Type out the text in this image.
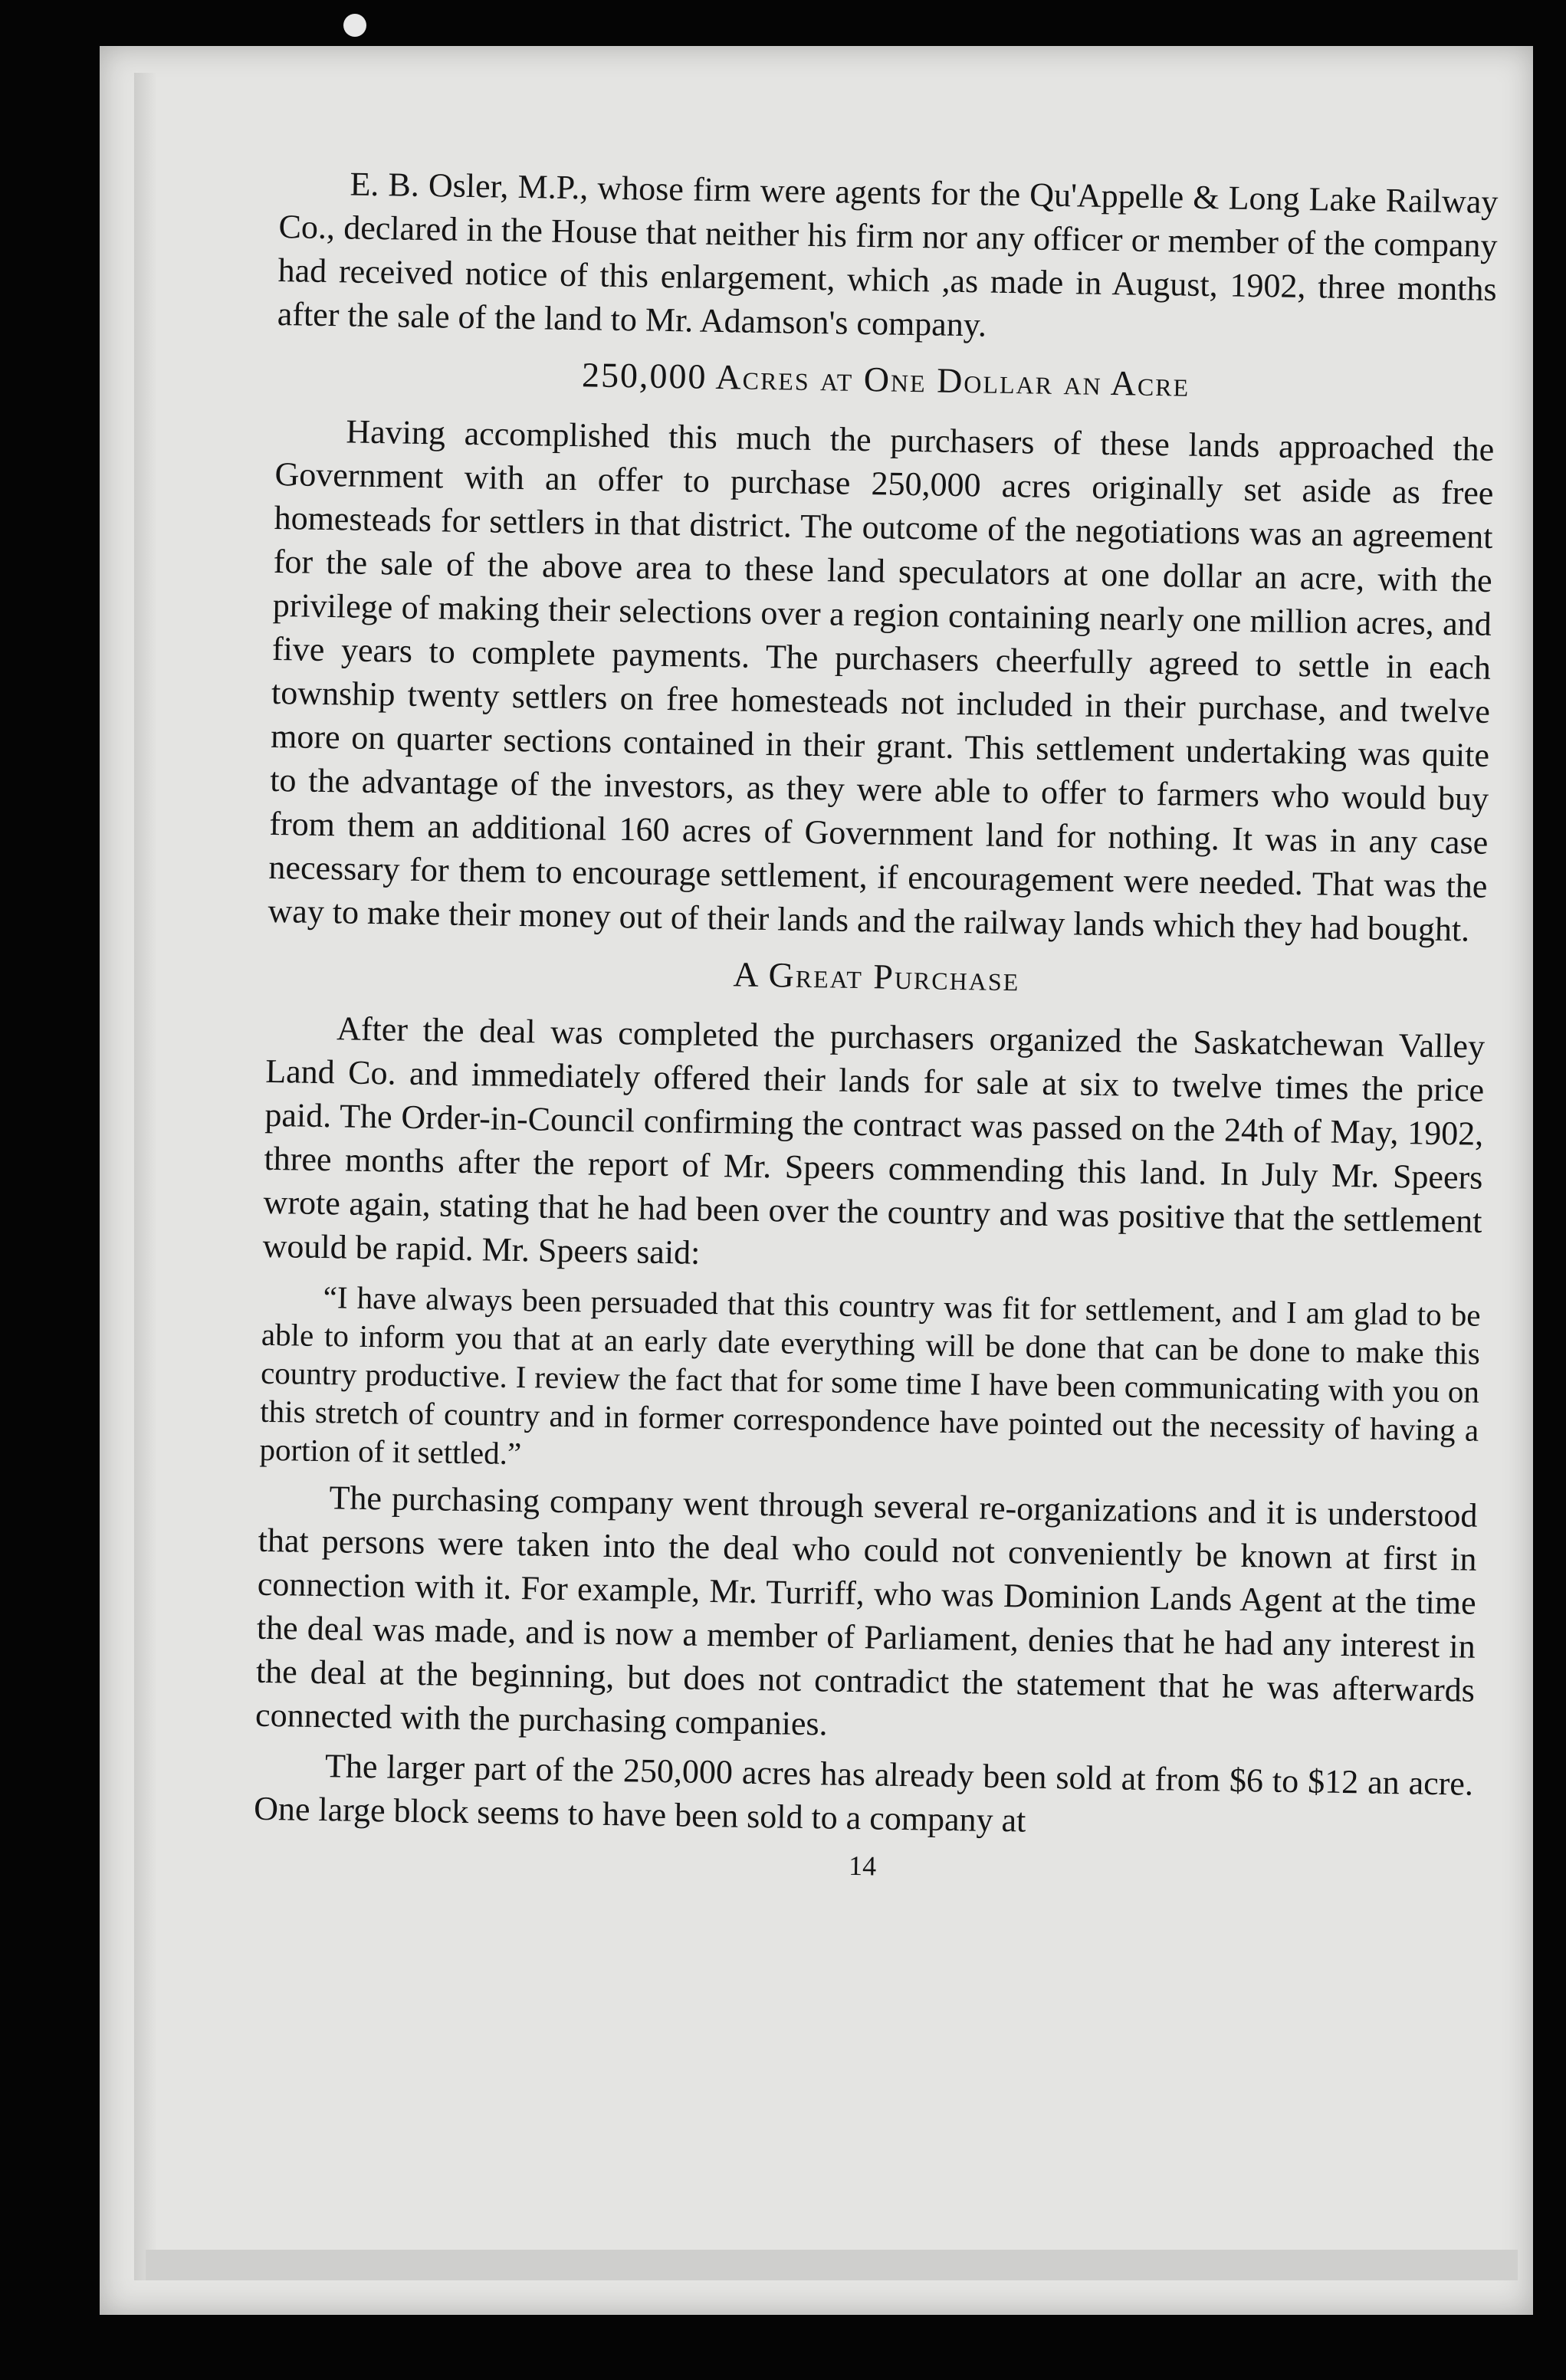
E. B. Osler, M.P., whose firm were agents for the Qu'Appelle & Long Lake Railway Co., declared in the House that neither his firm nor any officer or member of the company had received notice of this enlargement, which ,as made in August, 1902, three months after the sale of the land to Mr. Adamson's company.

250,000 Acres at One Dollar an Acre

Having accomplished this much the purchasers of these lands approached the Government with an offer to purchase 250,000 acres originally set aside as free homesteads for settlers in that district. The outcome of the negotiations was an agreement for the sale of the above area to these land speculators at one dollar an acre, with the privilege of making their selections over a region containing nearly one million acres, and five years to complete payments. The purchasers cheerfully agreed to settle in each township twenty settlers on free homesteads not included in their purchase, and twelve more on quarter sections contained in their grant. This settlement undertaking was quite to the advantage of the investors, as they were able to offer to farmers who would buy from them an additional 160 acres of Government land for nothing. It was in any case necessary for them to encourage settlement, if encouragement were needed. That was the way to make their money out of their lands and the railway lands which they had bought.

A Great Purchase

After the deal was completed the purchasers organized the Saskatchewan Valley Land Co. and immediately offered their lands for sale at six to twelve times the price paid. The Order-in-Council confirming the contract was passed on the 24th of May, 1902, three months after the report of Mr. Speers commending this land. In July Mr. Speers wrote again, stating that he had been over the country and was positive that the settlement would be rapid. Mr. Speers said:

“I have always been persuaded that this country was fit for settlement, and I am glad to be able to inform you that at an early date everything will be done that can be done to make this country productive. I review the fact that for some time I have been communicating with you on this stretch of country and in former correspondence have pointed out the necessity of having a portion of it settled.”

The purchasing company went through several re-organizations and it is understood that persons were taken into the deal who could not conveniently be known at first in connection with it. For example, Mr. Turriff, who was Dominion Lands Agent at the time the deal was made, and is now a member of Parliament, denies that he had any interest in the deal at the beginning, but does not contradict the statement that he was afterwards connected with the purchasing companies.

The larger part of the 250,000 acres has already been sold at from $6 to $12 an acre. One large block seems to have been sold to a company at

14
